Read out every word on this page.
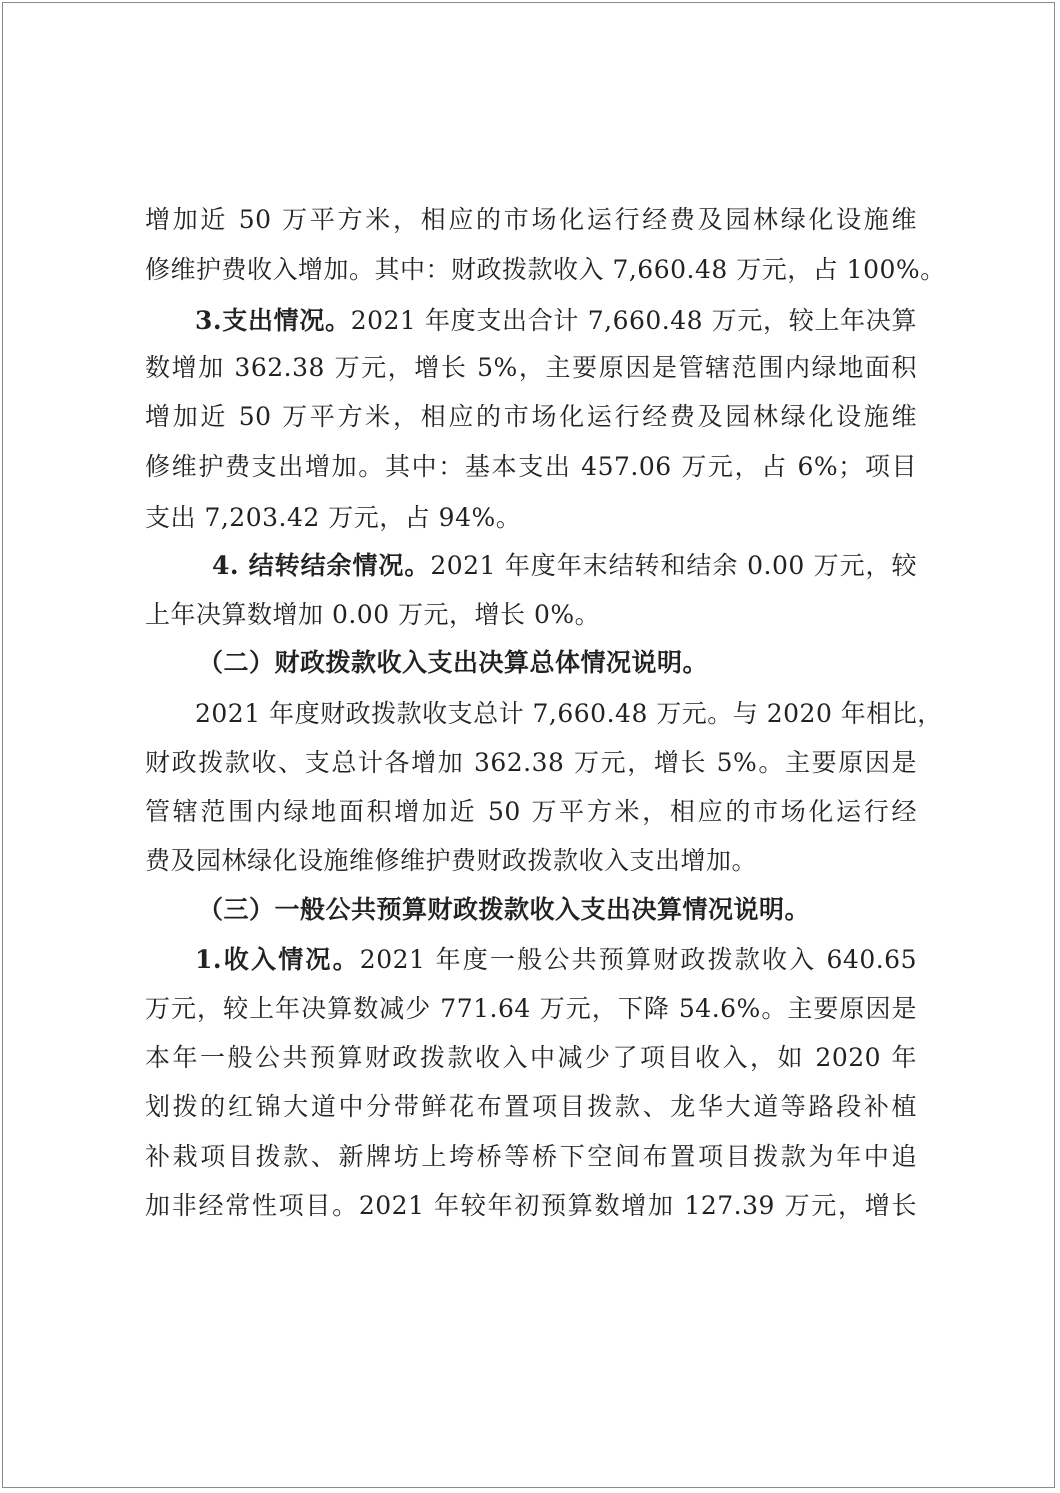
增加近 50 万平方米，相应的市场化运行经费及园林绿化设施维
修维护费收入增加。其中：财政拨款收入 7,660.48 万元，占 100%。
3.支出情况。2021 年度支出合计 7,660.48 万元，较上年决算
数增加 362.38 万元，增长 5%，主要原因是管辖范围内绿地面积
增加近 50 万平方米，相应的市场化运行经费及园林绿化设施维
修维护费支出增加。其中：基本支出 457.06 万元，占 6%；项目
支出 7,203.42 万元，占 94%。
4. 结转结余情况。2021 年度年末结转和结余 0.00 万元，较
上年决算数增加 0.00 万元，增长 0%。
（二）财政拨款收入支出决算总体情况说明。
2021 年度财政拨款收支总计 7,660.48 万元。与 2020 年相比，
财政拨款收、支总计各增加 362.38 万元，增长 5%。主要原因是
管辖范围内绿地面积增加近 50 万平方米，相应的市场化运行经
费及园林绿化设施维修维护费财政拨款收入支出增加。
（三）一般公共预算财政拨款收入支出决算情况说明。
1.收入情况。2021 年度一般公共预算财政拨款收入 640.65
万元，较上年决算数减少 771.64 万元，下降 54.6%。主要原因是
本年一般公共预算财政拨款收入中减少了项目收入，如 2020 年
划拨的红锦大道中分带鲜花布置项目拨款、龙华大道等路段补植
补栽项目拨款、新牌坊上垮桥等桥下空间布置项目拨款为年中追
加非经常性项目。2021 年较年初预算数增加 127.39 万元，增长
